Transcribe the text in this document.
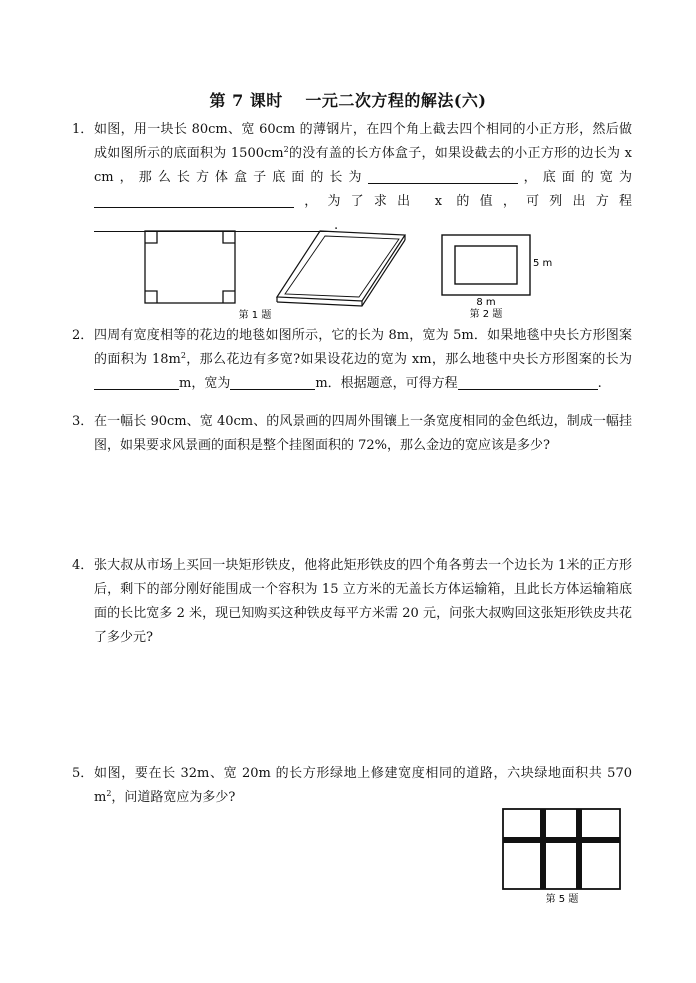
第 7 课时　 一元二次方程的解法(六)
1． 如图，用一块长 80cm、宽 60cm 的薄钢片，在四个角上截去四个相同的小正方形，然后做成如图所示的底面积为 $1500cm^2$的没有盖的长方体盒子，如果设截去的小正方形的边长为 x cm，那么长方体盒子底面的长为	，底面的宽为，为了求出 x 的值，可列出方程.
第 1 题
5 m
8 m
第 2 题
2． 四周有宽度相等的花边的地毯如图所示，它的长为 8m，宽为 5m．如果地毯中央长方形图案的面积为 $18m^2$，那么花边有多宽?如果设花边的宽为 xm，那么地毯中央长方形图案的长为m，宽为	m．根据题意，可得方程	.
3． 在一幅长 90cm、宽 40cm、的风景画的四周外围镶上一条宽度相同的金色纸边，制成一幅挂图，如果要求风景画的面积是整个挂图面积的 72%，那么金边的宽应该是多少?
4． 张大叔从市场上买回一块矩形铁皮，他将此矩形铁皮的四个角各剪去一个边长为 1米的正方形后，剩下的部分刚好能围成一个容积为 15 立方米的无盖长方体运输箱，且此长方体运输箱底面的长比宽多 2 米，现已知购买这种铁皮每平方米需 20 元，问张大叔购回这张矩形铁皮共花了多少元?
5． 如图，要在长 32m、宽 20m 的长方形绿地上修建宽度相同的道路，六块绿地面积共 570 $m^2$，问道路宽应为多少?
第 5 题
